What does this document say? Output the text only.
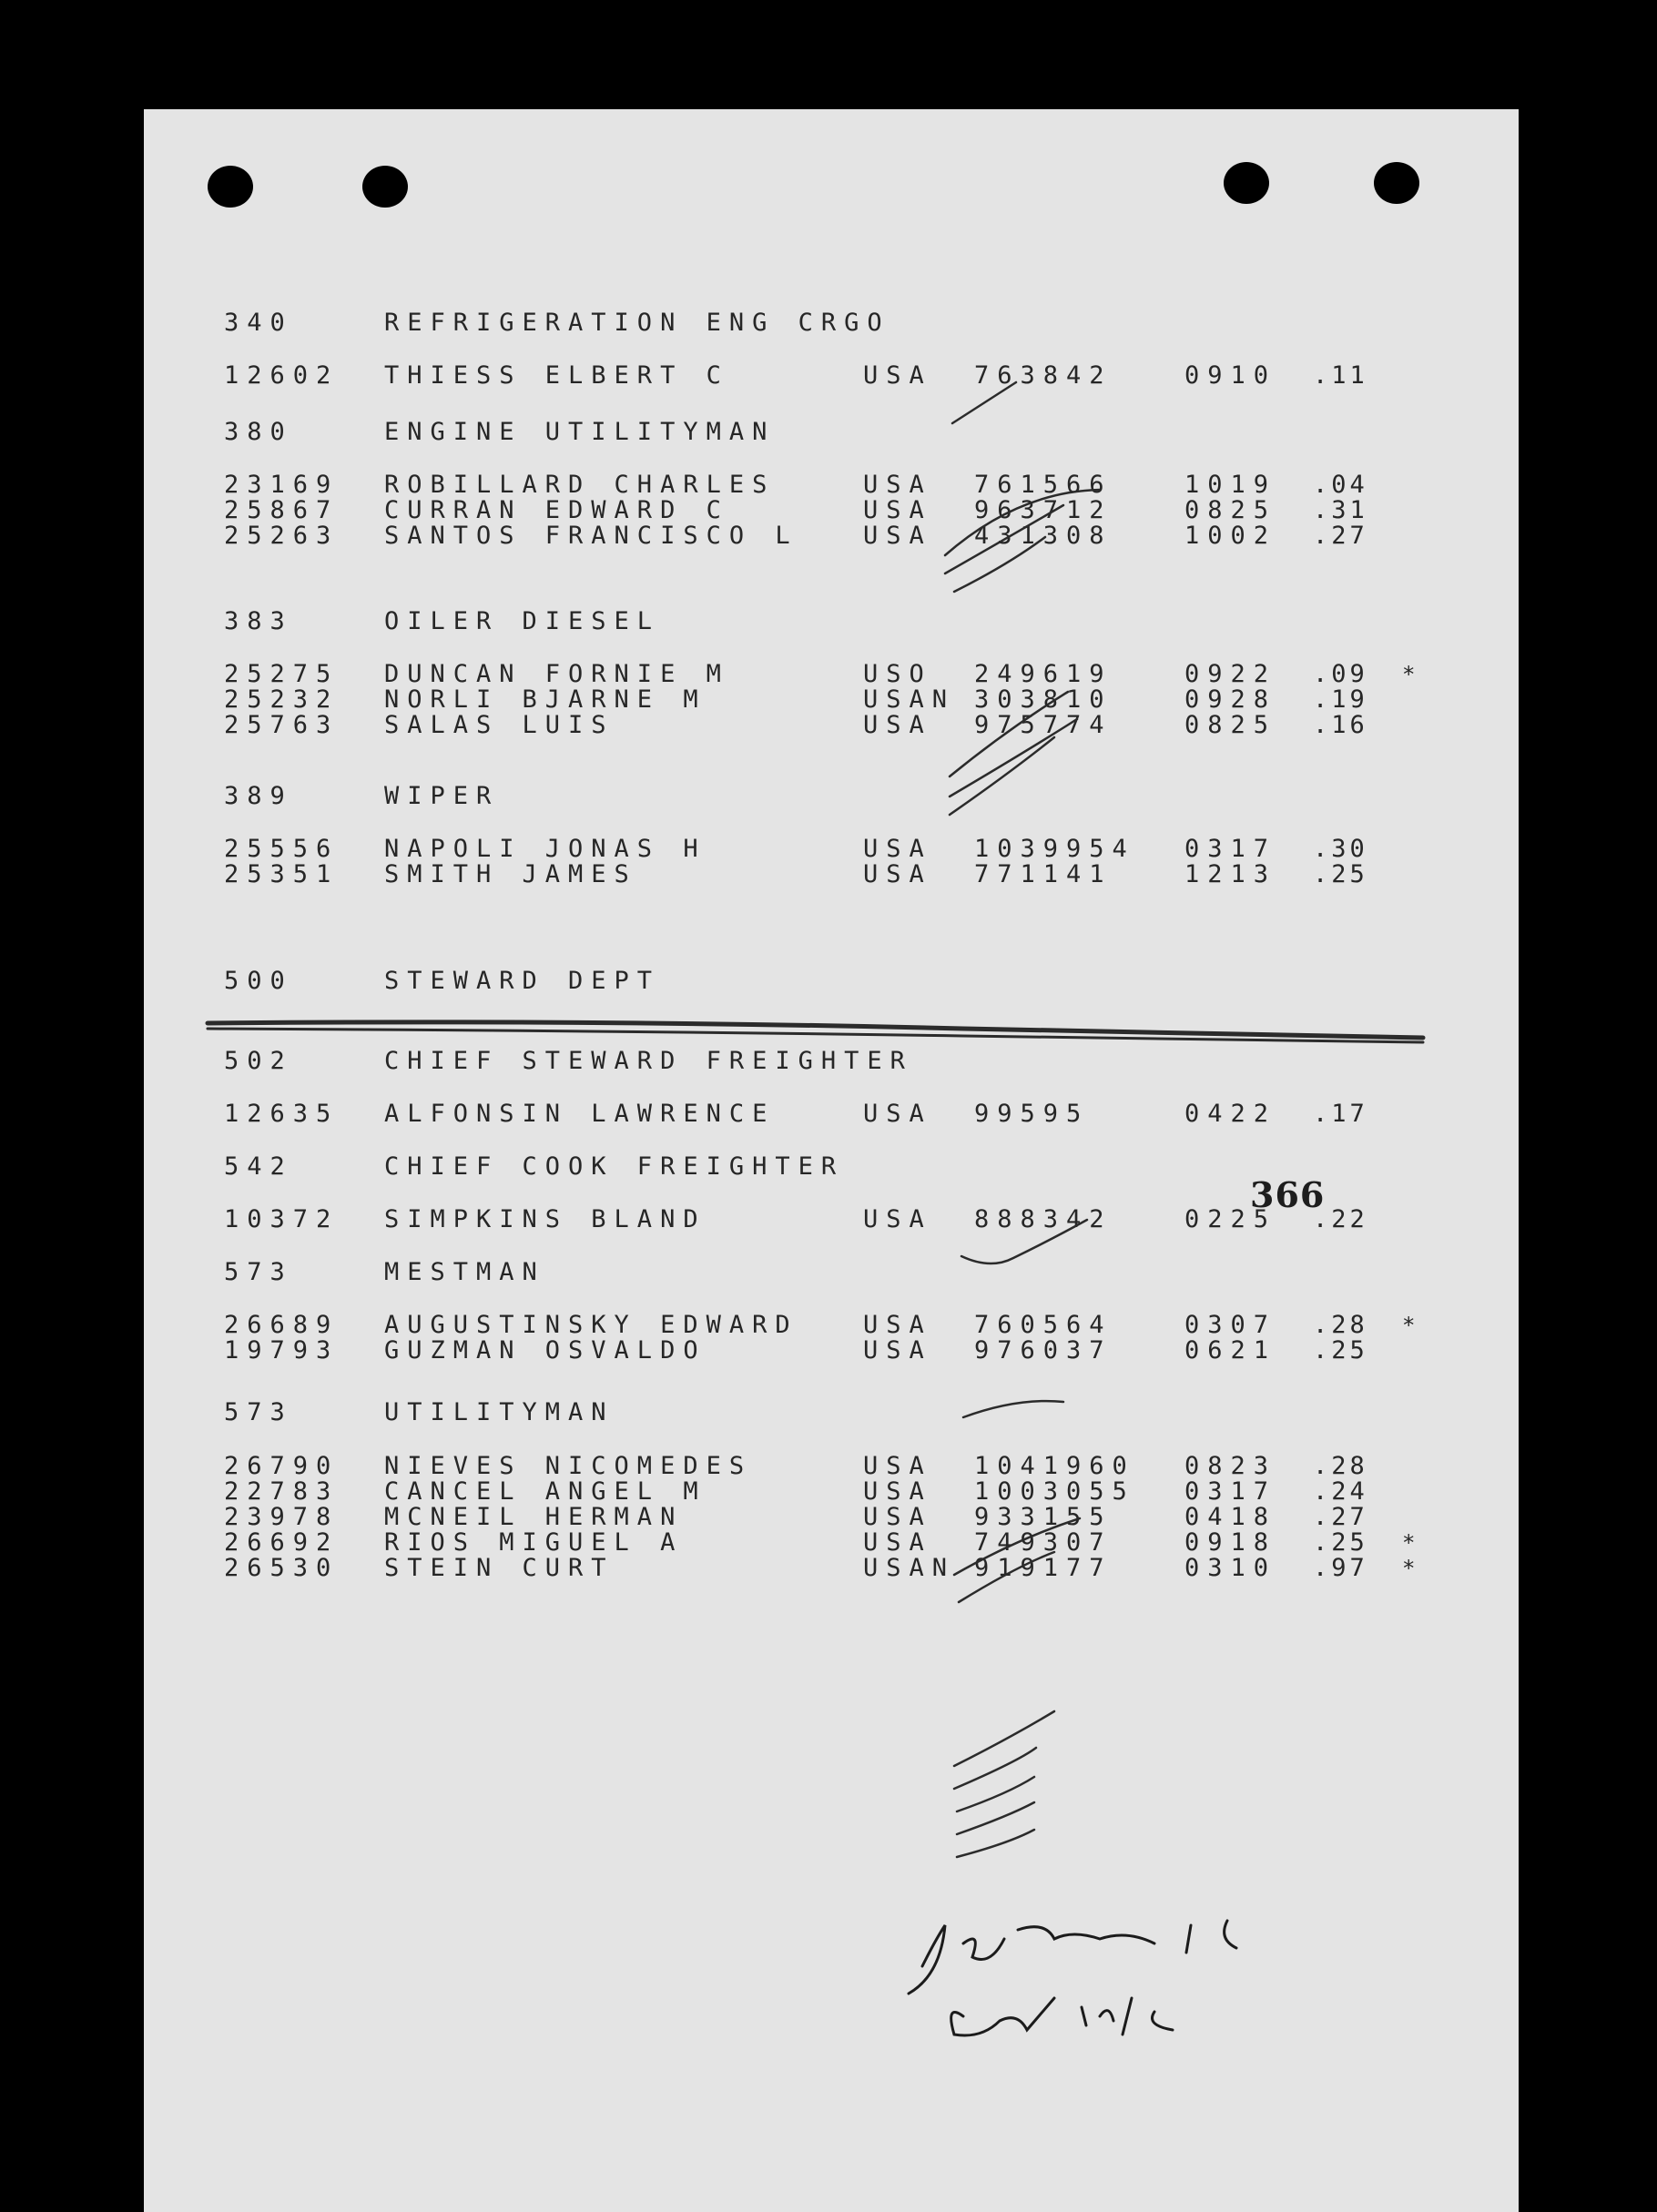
340	REFRIGERATION ENG CRGO
12602 THIESS ELBERT C	USA 763842	0910 .11
380	ENGINE UTILITYMAN
23169 ROBILLARD CHARLES	USA 761566	1019 .04
25867 CURRAN EDWARD C	USA 963712	0825 .31
25263 SANTOS FRANCISCO L	USA 431308	1002 .27
383	OILER DIESEL
25275 DUNCAN FORNIE M	USO 249619	0922 .09 *
25232 NORLI BJARNE M	USAN 303810	0928 .19
25763 SALAS LUIS	USA 975774	0825 .16
389	WIPER
25556 NAPOLI JONAS H	USA 1039954 0317 .30
25351 SMITH JAMES	USA 771141	1213 .25
500	STEWARD DEPT
502	CHIEF STEWARD FREIGHTER
12635 ALFONSIN LAWRENCE	USA 99595	0422 .17
542	CHIEF COOK FREIGHTER
10372 SIMPKINS BLAND	USA 888342	0225 .22
573	MESTMAN
26689 AUGUSTINSKY EDWARD	USA 760564	0307 .28 *
19793 GUZMAN OSVALDO	USA 976037	0621 .25
573	UTILITYMAN
26790 NIEVES NICOMEDES	USA 1041960 0823 .28
22783 CANCEL ANGEL M	USA 1003055 0317 .24
23978 MCNEIL HERMAN	USA 933155	0418 .27
26692 RIOS MIGUEL A	USA 749307	0918 .25 *
26530 STEIN CURT	USAN 919177	0310 .97 *
366
